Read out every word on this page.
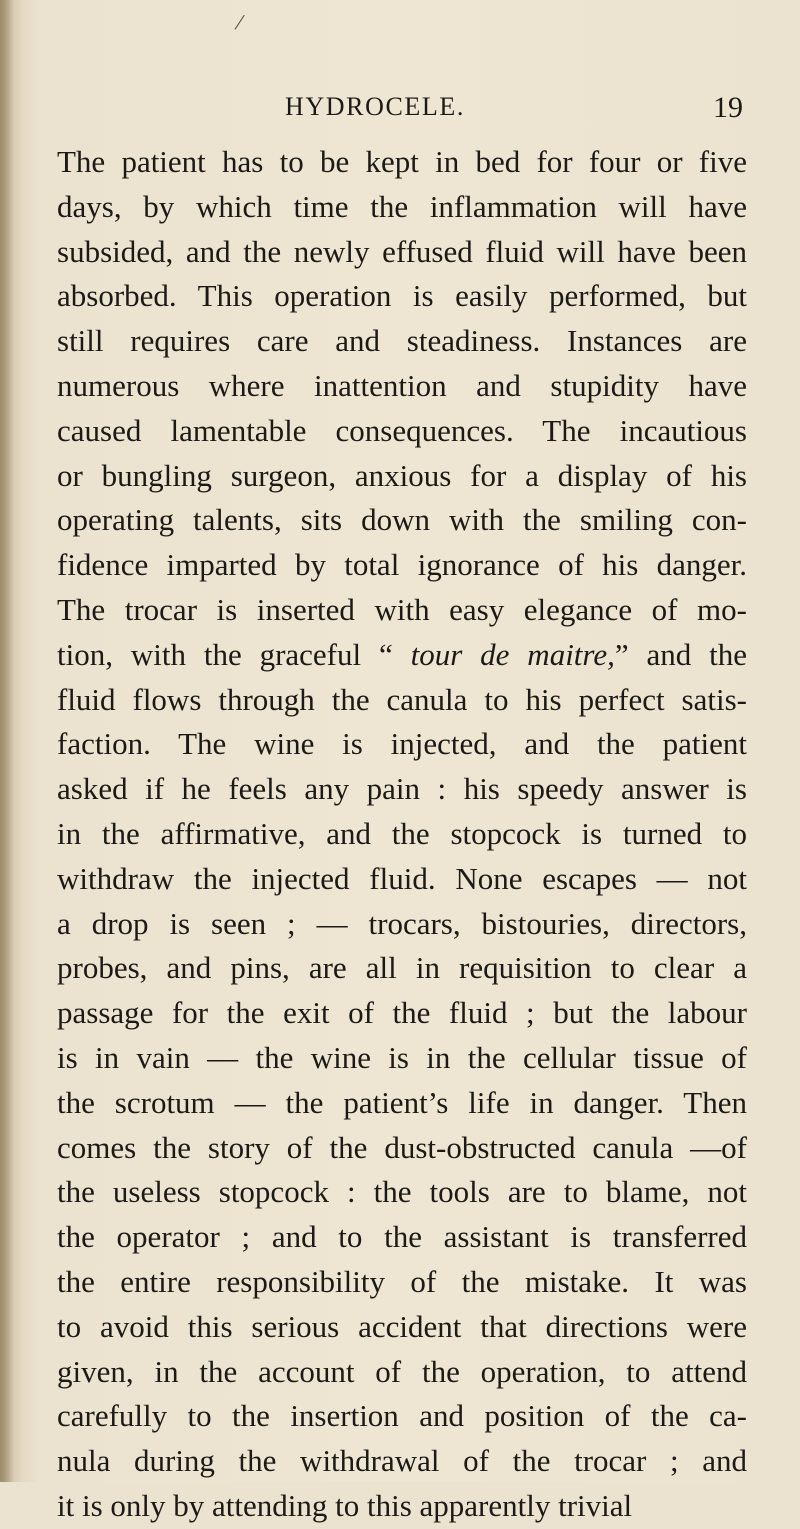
/
HYDROCELE.	19
The patient has to be kept in bed for four or five
days, by which time the inflammation will have
subsided, and the newly effused fluid will have been
absorbed. This operation is easily performed, but
still requires care and steadiness. Instances are
numerous where inattention and stupidity have
caused lamentable consequences. The incautious
or bungling surgeon, anxious for a display of his
operating talents, sits down with the smiling con-
fidence imparted by total ignorance of his danger.
The trocar is inserted with easy elegance of mo-
tion, with the graceful “ tour de maitre,” and the
fluid flows through the canula to his perfect satis-
faction. The wine is injected, and the patient
asked if he feels any pain : his speedy answer is
in the affirmative, and the stopcock is turned to
withdraw the injected fluid. None escapes — not
a drop is seen ; — trocars, bistouries, directors,
probes, and pins, are all in requisition to clear a
passage for the exit of the fluid ; but the labour
is in vain — the wine is in the cellular tissue of
the scrotum — the patient’s life in danger. Then
comes the story of the dust-obstructed canula —of
the useless stopcock : the tools are to blame, not
the operator ; and to the assistant is transferred
the entire responsibility of the mistake. It was
to avoid this serious accident that directions were
given, in the account of the operation, to attend
carefully to the insertion and position of the ca-
nula during the withdrawal of the trocar ; and
it is only by attending to this apparently trivial
